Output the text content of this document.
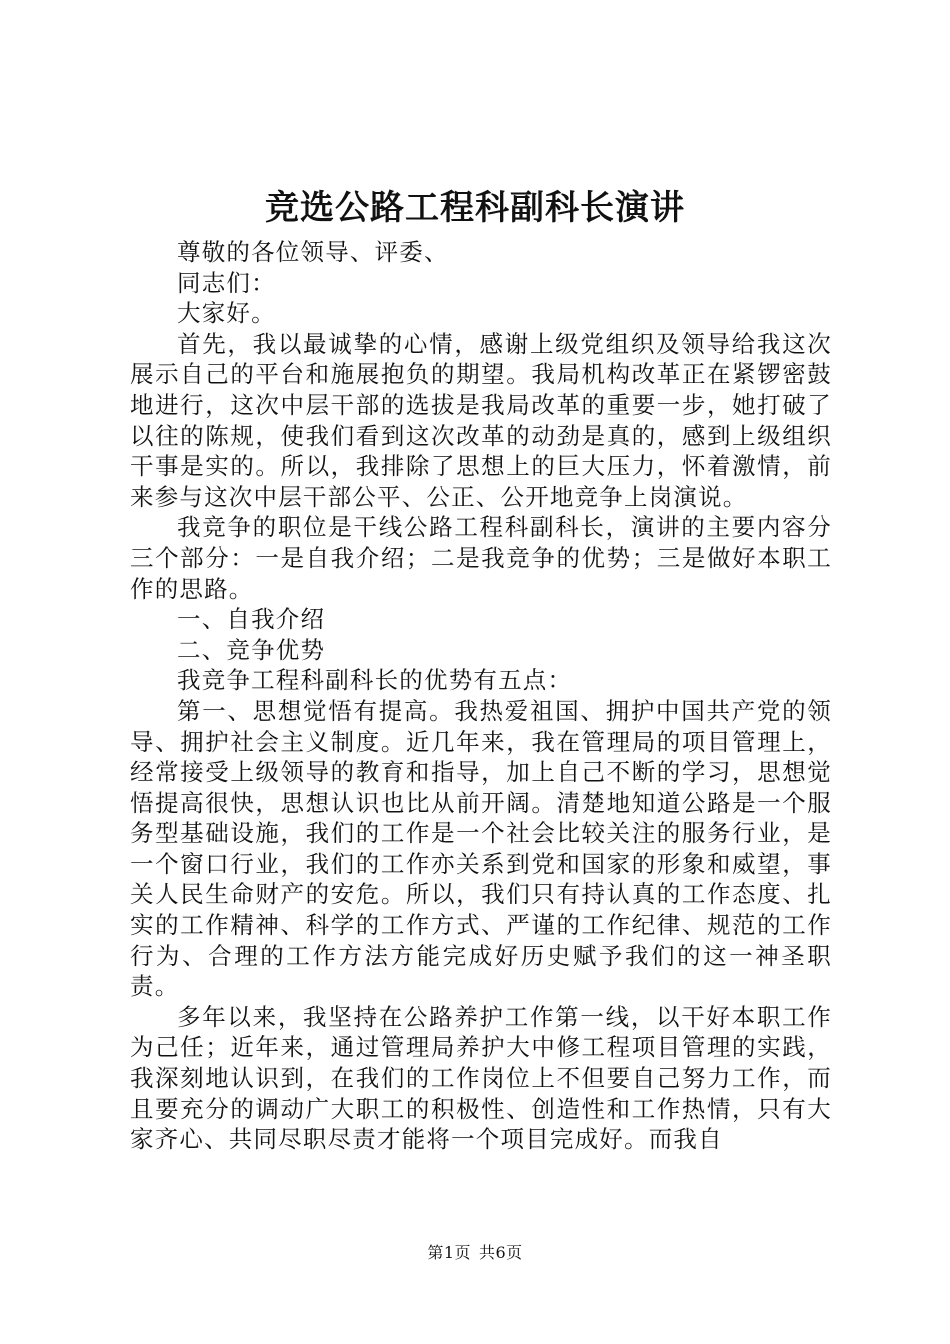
竞选公路工程科副科长演讲

尊敬的各位领导、评委、

同志们：

大家好。

首先，我以最诚挚的心情，感谢上级党组织及领导给我这次展示自己的平台和施展抱负的期望。我局机构改革正在紧锣密鼓地进行，这次中层干部的选拔是我局改革的重要一步，她打破了以往的陈规，使我们看到这次改革的动劲是真的，感到上级组织干事是实的。所以，我排除了思想上的巨大压力，怀着激情，前来参与这次中层干部公平、公正、公开地竞争上岗演说。

我竞争的职位是干线公路工程科副科长，演讲的主要内容分三个部分：一是自我介绍；二是我竞争的优势；三是做好本职工作的思路。

一、自我介绍

二、竞争优势

我竞争工程科副科长的优势有五点：

第一、思想觉悟有提高。我热爱祖国、拥护中国共产党的领导、拥护社会主义制度。近几年来，我在管理局的项目管理上，经常接受上级领导的教育和指导，加上自己不断的学习，思想觉悟提高很快，思想认识也比从前开阔。清楚地知道公路是一个服务型基础设施，我们的工作是一个社会比较关注的服务行业，是一个窗口行业，我们的工作亦关系到党和国家的形象和威望，事关人民生命财产的安危。所以，我们只有持认真的工作态度、扎实的工作精神、科学的工作方式、严谨的工作纪律、规范的工作行为、合理的工作方法方能完成好历史赋予我们的这一神圣职责。

多年以来，我坚持在公路养护工作第一线，以干好本职工作为己任；近年来，通过管理局养护大中修工程项目管理的实践，我深刻地认识到，在我们的工作岗位上不但要自己努力工作，而且要充分的调动广大职工的积极性、创造性和工作热情，只有大家齐心、共同尽职尽责才能将一个项目完成好。而我自

第1页 共6页
